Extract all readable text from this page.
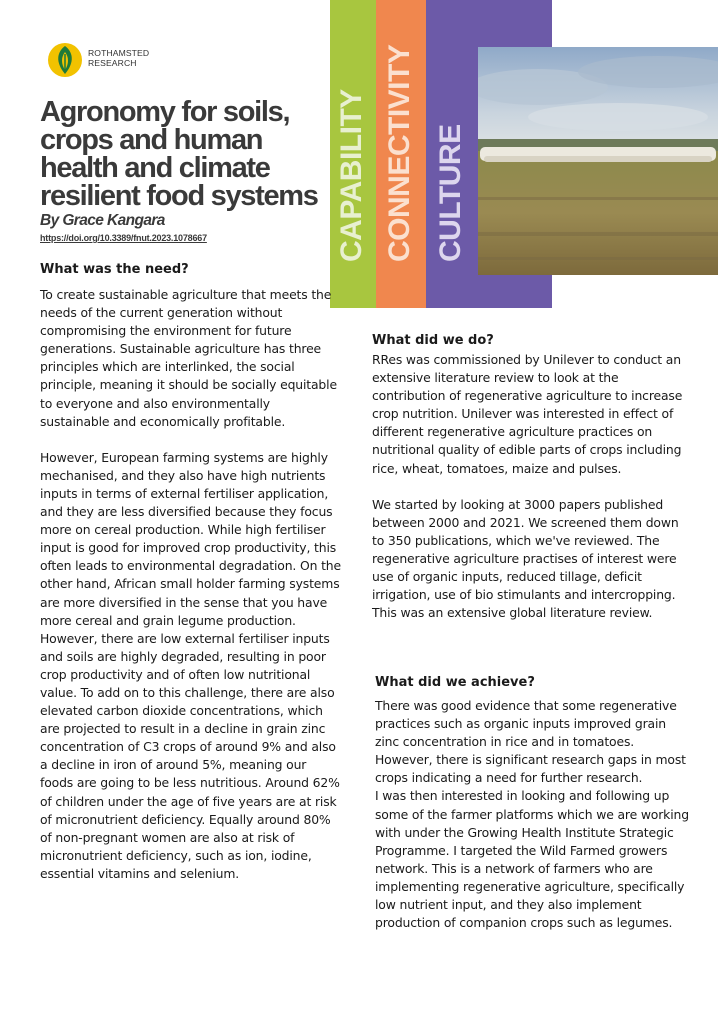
ROTHAMSTED
RESEARCH
Agronomy for soils, crops and human health and climate resilient food systems
By Grace Kangara
https://doi.org/10.3389/fnut.2023.1078667	CAPABILITY CONNECTIVITY CULTURE
What was the need?

To create sustainable agriculture that meets the needs of the current generation without compromising the environment for future generations. Sustainable agriculture has three principles which are interlinked, the social principle, meaning it should be socially equitable to everyone and also environmentally sustainable and economically profitable.

However, European farming systems are highly mechanised, and they also have high nutrients inputs in terms of external fertiliser application, and they are less diversified because they focus more on cereal production. While high fertiliser input is good for improved crop productivity, this often leads to environmental degradation. On the other hand, African small holder farming systems are more diversified in the sense that you have more cereal and grain legume production. However, there are low external fertiliser inputs and soils are highly degraded, resulting in poor crop productivity and of often low nutritional value. To add on to this challenge, there are also elevated carbon dioxide concentrations, which are projected to result in a decline in grain zinc concentration of C3 crops of around 9% and also a decline in iron of around 5%, meaning our foods are going to be less nutritious. Around 62% of children under the age of five years are at risk of micronutrient deficiency. Equally around 80% of non-pregnant women are also at risk of micronutrient deficiency, such as ion, iodine, essential vitamins and selenium.

What did we do?

RRes was commissioned by Unilever to conduct an extensive literature review to look at the contribution of regenerative agriculture to increase crop nutrition. Unilever was interested in effect of different regenerative agriculture practices on nutritional quality of edible parts of crops including rice, wheat, tomatoes, maize and pulses.

We started by looking at 3000 papers published between 2000 and 2021. We screened them down to 350 publications, which we've reviewed. The regenerative agriculture practises of interest were use of organic inputs, reduced tillage, deficit irrigation, use of bio stimulants and intercropping. This was an extensive global literature review.

What did we achieve?

There was good evidence that some regenerative practices such as organic inputs improved grain zinc concentration in rice and in tomatoes. However, there is significant research gaps in most crops indicating a need for further research.

I was then interested in looking and following up some of the farmer platforms which we are working with under the Growing Health Institute Strategic Programme. I targeted the Wild Farmed growers network. This is a network of farmers who are implementing regenerative agriculture, specifically low nutrient input, and they also implement production of companion crops such as legumes.
